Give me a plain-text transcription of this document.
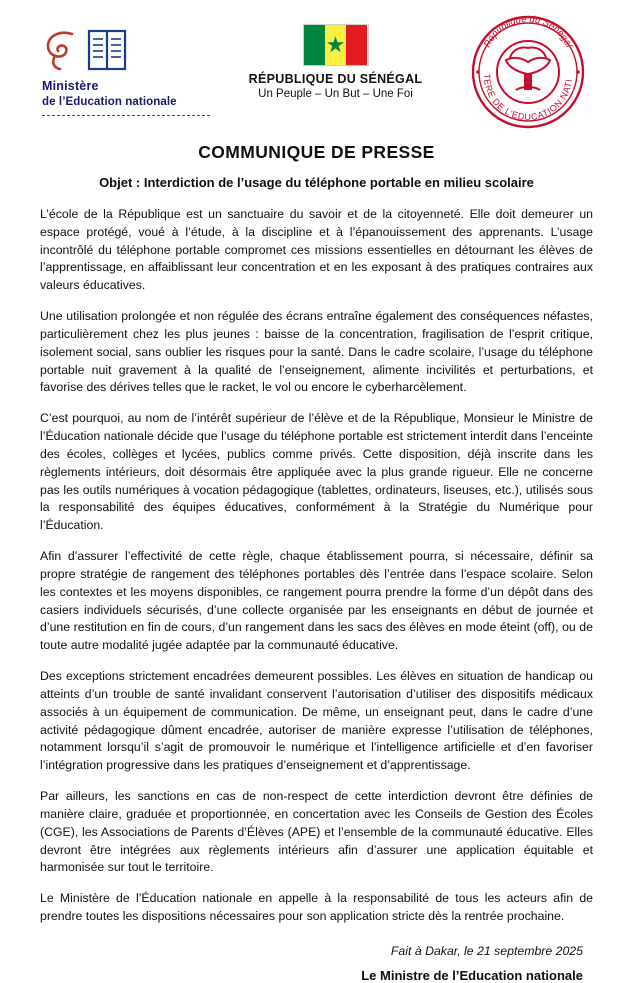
Ministère
de l’Education nationale
★
RÉPUBLIQUE DU SÉNÉGAL
Un Peuple – Un But – Une Foi
République du Sénégal
MINISTERE DE L’EDUCATION NATIONALE
COMMUNIQUE DE PRESSE
Objet : Interdiction de l’usage du téléphone portable en milieu scolaire

L’école de la République est un sanctuaire du savoir et de la citoyenneté. Elle doit demeurer un espace protégé, voué à l’étude, à la discipline et à l’épanouissement des apprenants. L’usage incontrôlé du téléphone portable compromet ces missions essentielles en détournant les élèves de l’apprentissage, en affaiblissant leur concentration et en les exposant à des pratiques contraires aux valeurs éducatives.

Une utilisation prolongée et non régulée des écrans entraîne également des conséquences néfastes, particulièrement chez les plus jeunes : baisse de la concentration, fragilisation de l’esprit critique, isolement social, sans oublier les risques pour la santé. Dans le cadre scolaire, l’usage du téléphone portable nuit gravement à la qualité de l’enseignement, alimente incivilités et perturbations, et favorise des dérives telles que le racket, le vol ou encore le cyberharcèlement.

C’est pourquoi, au nom de l’intérêt supérieur de l’élève et de la République, Monsieur le Ministre de l’Éducation nationale décide que l’usage du téléphone portable est strictement interdit dans l’enceinte des écoles, collèges et lycées, publics comme privés. Cette disposition, déjà inscrite dans les règlements intérieurs, doit désormais être appliquée avec la plus grande rigueur. Elle ne concerne pas les outils numériques à vocation pédagogique (tablettes, ordinateurs, liseuses, etc.), utilisés sous la responsabilité des équipes éducatives, conformément à la Stratégie du Numérique pour l’Éducation.

Afin d’assurer l’effectivité de cette règle, chaque établissement pourra, si nécessaire, définir sa propre stratégie de rangement des téléphones portables dès l’entrée dans l’espace scolaire. Selon les contextes et les moyens disponibles, ce rangement pourra prendre la forme d’un dépôt dans des casiers individuels sécurisés, d’une collecte organisée par les enseignants en début de journée et d’une restitution en fin de cours, d’un rangement dans les sacs des élèves en mode éteint (off), ou de toute autre modalité jugée adaptée par la communauté éducative.

Des exceptions strictement encadrées demeurent possibles. Les élèves en situation de handicap ou atteints d’un trouble de santé invalidant conservent l’autorisation d’utiliser des dispositifs médicaux associés à un équipement de communication. De même, un enseignant peut, dans le cadre d’une activité pédagogique dûment encadrée, autoriser de manière expresse l’utilisation de téléphones, notamment lorsqu’il s’agit de promouvoir le numérique et l’intelligence artificielle et d’en favoriser l’intégration progressive dans les pratiques d’enseignement et d’apprentissage.

Par ailleurs, les sanctions en cas de non-respect de cette interdiction devront être définies de manière claire, graduée et proportionnée, en concertation avec les Conseils de Gestion des Écoles (CGE), les Associations de Parents d’Élèves (APE) et l’ensemble de la communauté éducative. Elles devront être intégrées aux règlements intérieurs afin d’assurer une application équitable et harmonisée sur tout le territoire.

Le Ministère de l’Éducation nationale en appelle à la responsabilité de tous les acteurs afin de prendre toutes les dispositions nécessaires pour son application stricte dès la rentrée prochaine.

Fait à Dakar, le 21 septembre 2025
Le Ministre de l’Education nationale
